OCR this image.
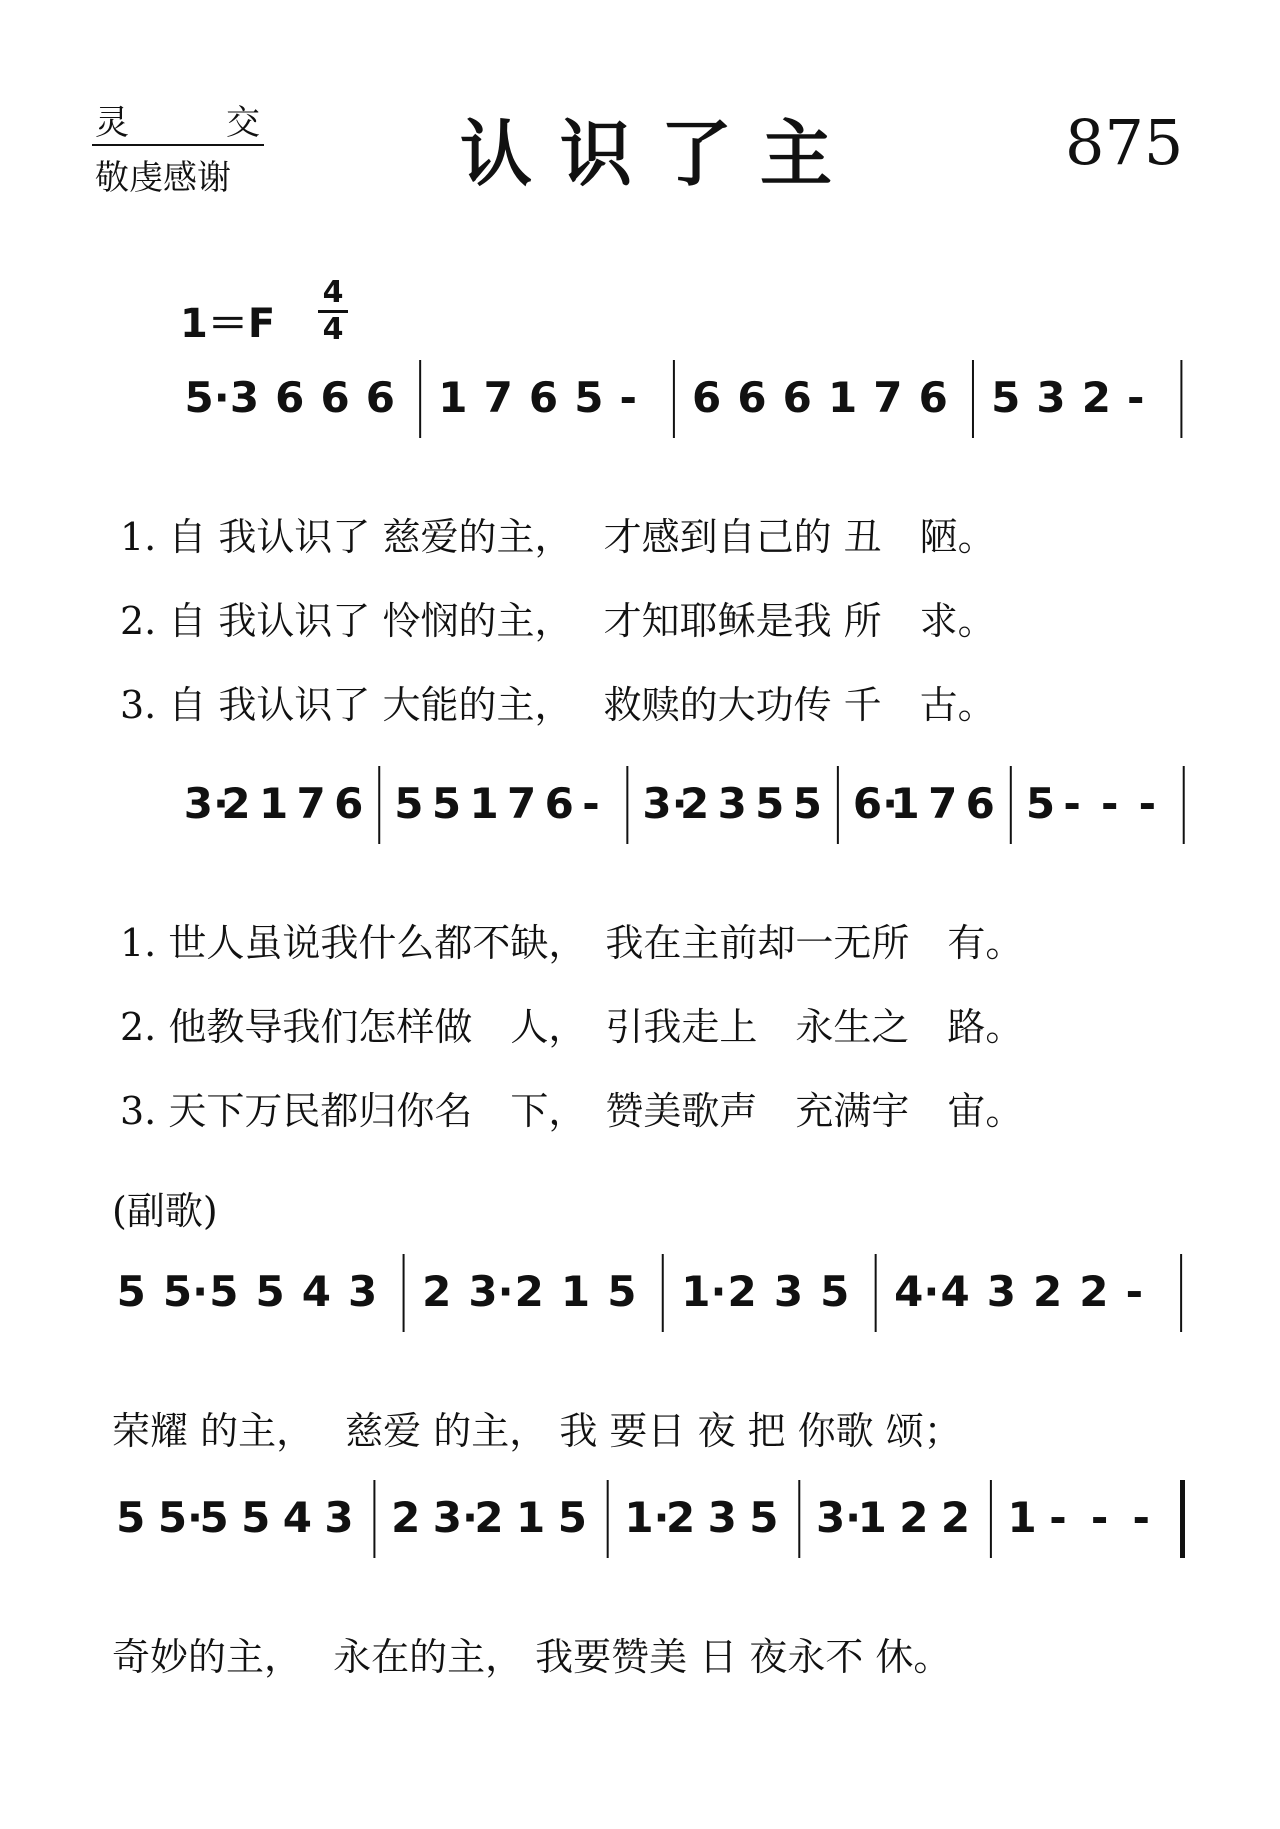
灵	交
敬虔感谢	认识了主	875
1＝F
4
4
5· 3 6 6 6 1 7 6 5 - 6 6 6 1 7 6 5 3 2 -
3·
2 1 7 6 5 5 1 7 6 - 3·
2 3 5 5 6·
1 7 6 5 - - -
5 5· 5 5 4 3 2 3· 2 1 5 1· 2 3 5 4· 4 3 2 2 -
5 5·
5 5 4 3 2 3·
2 1 5 1·
2 3 5 3·
1 2 2 1 - - -
1. 自 我认识了 慈爱的主，　 才感到自己的 丑　陋。
2. 自 我认识了 怜悯的主，　 才知耶稣是我 所　求。
3. 自 我认识了 大能的主，　 救赎的大功传 千　古。
1. 世人虽说我什么都不缺，　我在主前却一无所　有。
2. 他教导我们怎样做　人，　引我走上　永生之　路。
3. 天下万民都归你名　下，　赞美歌声　充满宇　宙。
(副歌)
荣耀 的主，　 慈爱 的主， 我 要日 夜 把 你歌 颂；
奇妙的主，　 永在的主， 我要赞美 日 夜永不 休。
